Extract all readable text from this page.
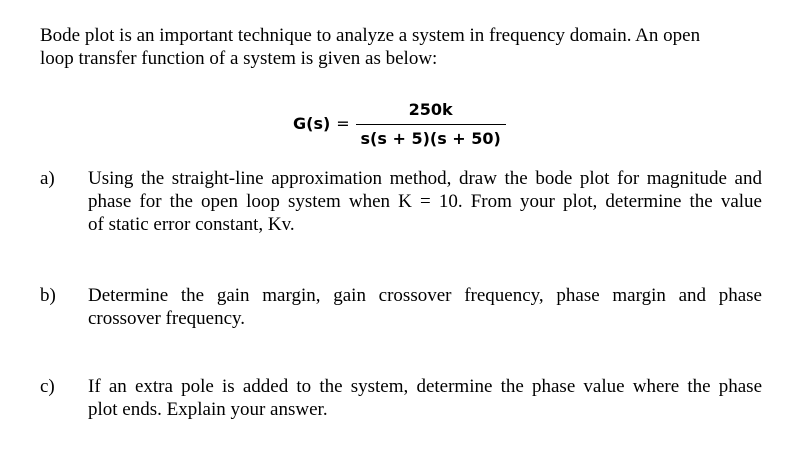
Bode plot is an important technique to analyze a system in frequency domain. An open
loop transfer function of a system is given as below:
$G(s) = \frac{250k}{s(s + 5)(s + 50)}$
a) Using the straight-line approximation method, draw the bode plot for magnitude and
phase for the open loop system when K = 10. From your plot, determine the value
of static error constant, Kv.
b) Determine the gain margin, gain crossover frequency, phase margin and phase
crossover frequency.
c) If an extra pole is added to the system, determine the phase value where the phase
plot ends. Explain your answer.
